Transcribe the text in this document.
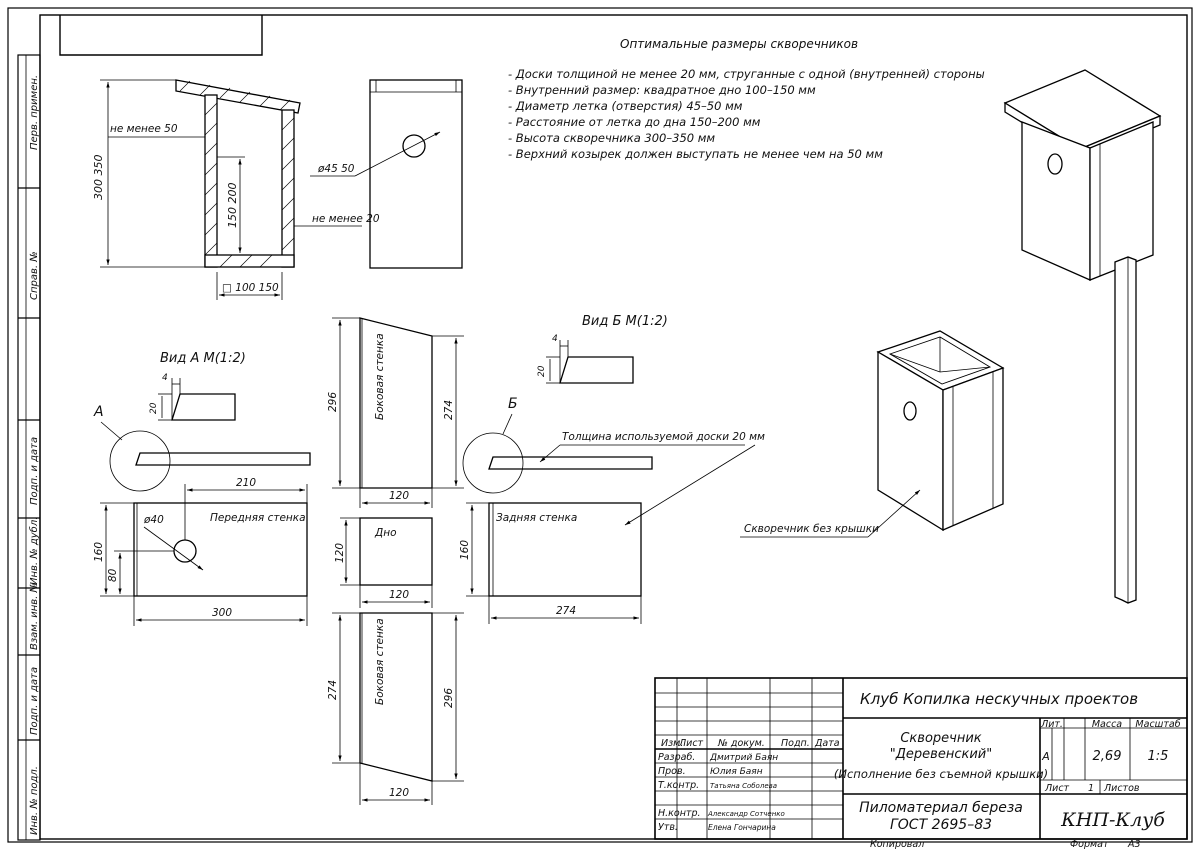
Перв. примен.
Справ. №
Подп. и дата
Инв. № дубл.
Взам. инв. №
Подп. и дата
Инв. № подл.
Оптимальные размеры скворечников
- Доски толщиной не менее 20 мм, струганные с одной (внутренней) стороны
- Внутренний размер: квадратное дно 100–150 мм
- Диаметр летка (отверстия) 45–50 мм
- Расстояние от летка до дна 150–200 мм
- Высота скворечника 300–350 мм
- Верхний козырек должен выступать не менее чем на 50 мм
300 350
не менее 50
150 200	не менее 20
□ 100 150
ø45 50
Вид А М(1:2)
4
20
А
Вид Б М(1:2)
4
20
Б
Толщина используемой доски 20 мм
Боковая стенка
296	274
120
Передняя стенка
ø40
210
160
80
300
Дно
120
120
Задняя стенка
160
274
Боковая стенка
274	296
120
Скворечник без крышки
Изм.
Лист № докум. Подп. Дата
Разраб. Дмитрий Баян
Пров.	Юлия Баян
Т.контр. Татьяна Соболева
Н.контр. Александр Сотченко
Утв.	Елена Гончарина
Клуб Копилка нескучных проектов
Скворечник
"Деревенский"
(Исполнение без съемной крышки)
Лит.	Масса Масштаб
А	2,69 1:5
Лист 1 Листов
Пиломатериал береза
ГОСТ 2695–83	КНП-Клуб
Копировал	Формат А3
